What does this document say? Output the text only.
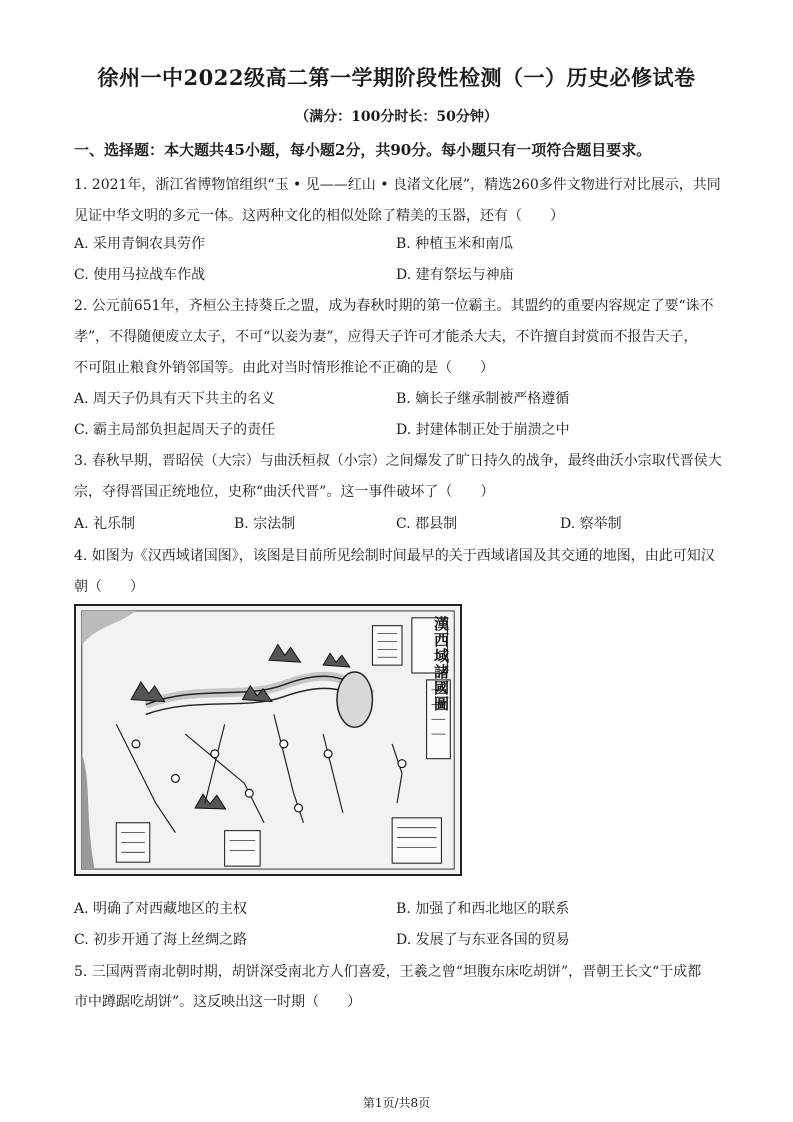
徐州一中2022级高二第一学期阶段性检测（一）历史必修试卷
（满分：100分时长：50分钟）
一、选择题：本大题共45小题，每小题2分，共90分。每小题只有一项符合题目要求。
1. 2021年，浙江省博物馆组织“玉 • 见——红山 • 良渚文化展”，精选260多件文物进行对比展示，共同
见证中华文明的多元一体。这两种文化的相似处除了精美的玉器，还有（　　）
A. 采用青铜农具劳作	B. 种植玉米和南瓜
C. 使用马拉战车作战	D. 建有祭坛与神庙
2. 公元前651年，齐桓公主持葵丘之盟，成为春秋时期的第一位霸主。其盟约的重要内容规定了要“诛不
孝”，不得随便废立太子，不可“以妾为妻”，应得天子许可才能杀大夫，不许擅自封赏而不报告天子，
不可阻止粮食外销邻国等。由此对当时情形推论不正确的是（　　）
A. 周天子仍具有天下共主的名义	B. 嫡长子继承制被严格遵循
C. 霸主局部负担起周天子的责任	D. 封建体制正处于崩溃之中
3. 春秋早期，晋昭侯（大宗）与曲沃桓叔（小宗）之间爆发了旷日持久的战争，最终曲沃小宗取代晋侯大
宗，夺得晋国正统地位，史称“曲沃代晋”。这一事件破坏了（　　）
A. 礼乐制	B. 宗法制	C. 郡县制	D. 察举制
4. 如图为《汉西域诸国图》，该图是目前所见绘制时间最早的关于西域诸国及其交通的地图，由此可知汉
朝（　　）
漢西域諸國圖
A. 明确了对西藏地区的主权	B. 加强了和西北地区的联系
C. 初步开通了海上丝绸之路	D. 发展了与东亚各国的贸易
5. 三国两晋南北朝时期，胡饼深受南北方人们喜爱，王羲之曾“坦腹东床吃胡饼”，晋朝王长文“于成都
市中蹲踞吃胡饼”。这反映出这一时期（　　）
第1页/共8页
